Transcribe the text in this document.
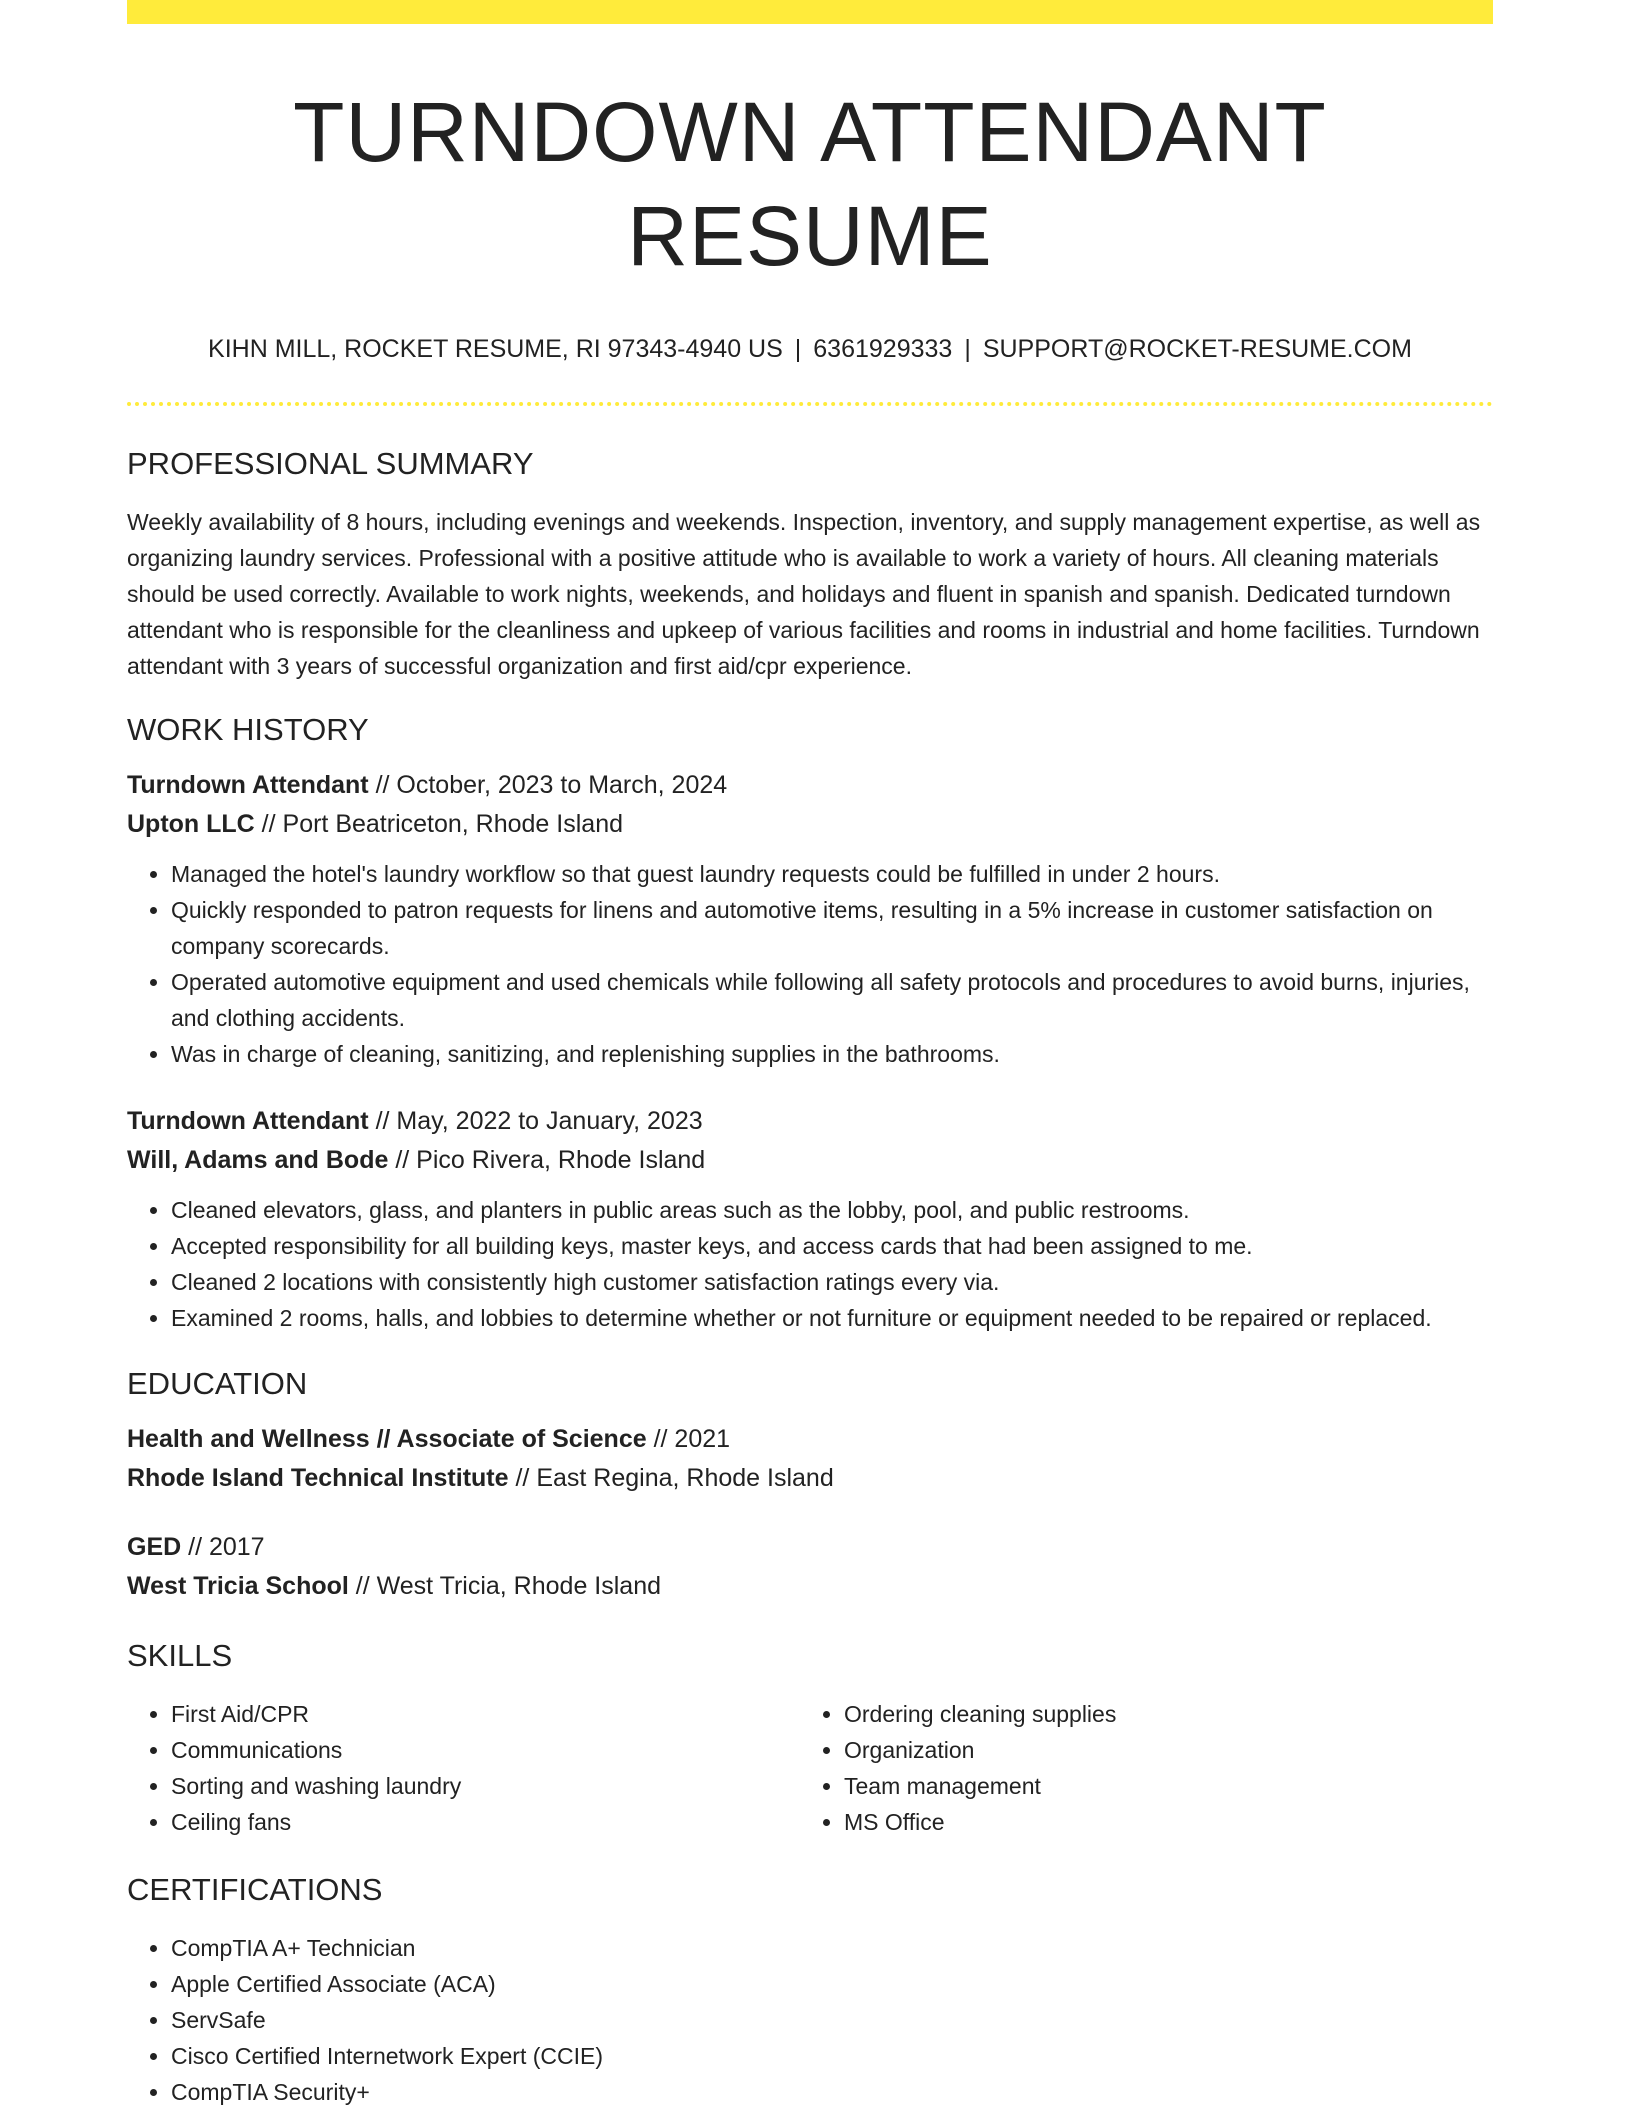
TURNDOWN ATTENDANT RESUME
KIHN MILL, ROCKET RESUME, RI 97343-4940 US | 6361929333 | SUPPORT@ROCKET-RESUME.COM
PROFESSIONAL SUMMARY

Weekly availability of 8 hours, including evenings and weekends. Inspection, inventory, and supply management expertise, as well as organizing laundry services. Professional with a positive attitude who is available to work a variety of hours. All cleaning materials should be used correctly. Available to work nights, weekends, and holidays and fluent in spanish and spanish. Dedicated turndown attendant who is responsible for the cleanliness and upkeep of various facilities and rooms in industrial and home facilities. Turndown attendant with 3 years of successful organization and first aid/cpr experience.

WORK HISTORY

Turndown Attendant // October, 2023 to March, 2024

Upton LLC // Port Beatriceton, Rhode Island

• Managed the hotel's laundry workflow so that guest laundry requests could be fulfilled in under 2 hours.
• Quickly responded to patron requests for linens and automotive items, resulting in a 5% increase in customer satisfaction on company scorecards.
• Operated automotive equipment and used chemicals while following all safety protocols and procedures to avoid burns, injuries, and clothing accidents.
• Was in charge of cleaning, sanitizing, and replenishing supplies in the bathrooms.

Turndown Attendant // May, 2022 to January, 2023

Will, Adams and Bode // Pico Rivera, Rhode Island

• Cleaned elevators, glass, and planters in public areas such as the lobby, pool, and public restrooms.
• Accepted responsibility for all building keys, master keys, and access cards that had been assigned to me.
• Cleaned 2 locations with consistently high customer satisfaction ratings every via.
• Examined 2 rooms, halls, and lobbies to determine whether or not furniture or equipment needed to be repaired or replaced.
EDUCATION

Health and Wellness // Associate of Science // 2021

Rhode Island Technical Institute // East Regina, Rhode Island

GED // 2017

West Tricia School // West Tricia, Rhode Island

SKILLS
• First Aid/CPR
• Communications
• Sorting and washing laundry
• Ceiling fans
• Ordering cleaning supplies
• Organization
• Team management
• MS Office
CERTIFICATIONS
• CompTIA A+ Technician
• Apple Certified Associate (ACA)
• ServSafe
• Cisco Certified Internetwork Expert (CCIE)
• CompTIA Security+
